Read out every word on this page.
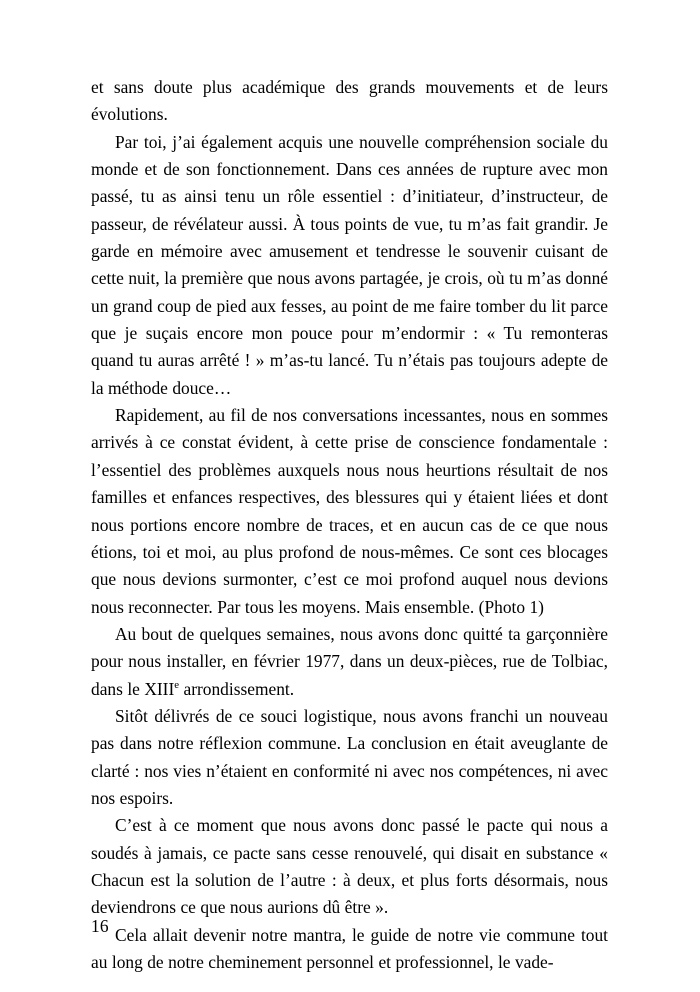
et sans doute plus académique des grands mouvements et de leurs évolutions.

Par toi, j’ai également acquis une nouvelle compréhension sociale du monde et de son fonctionnement. Dans ces années de rupture avec mon passé, tu as ainsi tenu un rôle essentiel : d’initiateur, d’instructeur, de passeur, de révélateur aussi. À tous points de vue, tu m’as fait grandir. Je garde en mémoire avec amusement et tendresse le souvenir cuisant de cette nuit, la première que nous avons partagée, je crois, où tu m’as donné un grand coup de pied aux fesses, au point de me faire tomber du lit parce que je suçais encore mon pouce pour m’endormir : « Tu remonteras quand tu auras arrêté ! » m’as-tu lancé. Tu n’étais pas toujours adepte de la méthode douce…

Rapidement, au fil de nos conversations incessantes, nous en sommes arrivés à ce constat évident, à cette prise de conscience fondamentale : l’essentiel des problèmes auxquels nous nous heurtions résultait de nos familles et enfances respectives, des blessures qui y étaient liées et dont nous portions encore nombre de traces, et en aucun cas de ce que nous étions, toi et moi, au plus profond de nous-mêmes. Ce sont ces blocages que nous devions surmonter, c’est ce moi profond auquel nous devions nous reconnecter. Par tous les moyens. Mais ensemble. (Photo 1)

Au bout de quelques semaines, nous avons donc quitté ta garçonnière pour nous installer, en février 1977, dans un deux-pièces, rue de Tolbiac, dans le XIIIe arrondissement.

Sitôt délivrés de ce souci logistique, nous avons franchi un nouveau pas dans notre réflexion commune. La conclusion en était aveuglante de clarté : nos vies n’étaient en conformité ni avec nos compétences, ni avec nos espoirs.

C’est à ce moment que nous avons donc passé le pacte qui nous a soudés à jamais, ce pacte sans cesse renouvelé, qui disait en substance « Chacun est la solution de l’autre : à deux, et plus forts désormais, nous deviendrons ce que nous aurions dû être ».

Cela allait devenir notre mantra, le guide de notre vie commune tout au long de notre cheminement personnel et professionnel, le vade-

16
